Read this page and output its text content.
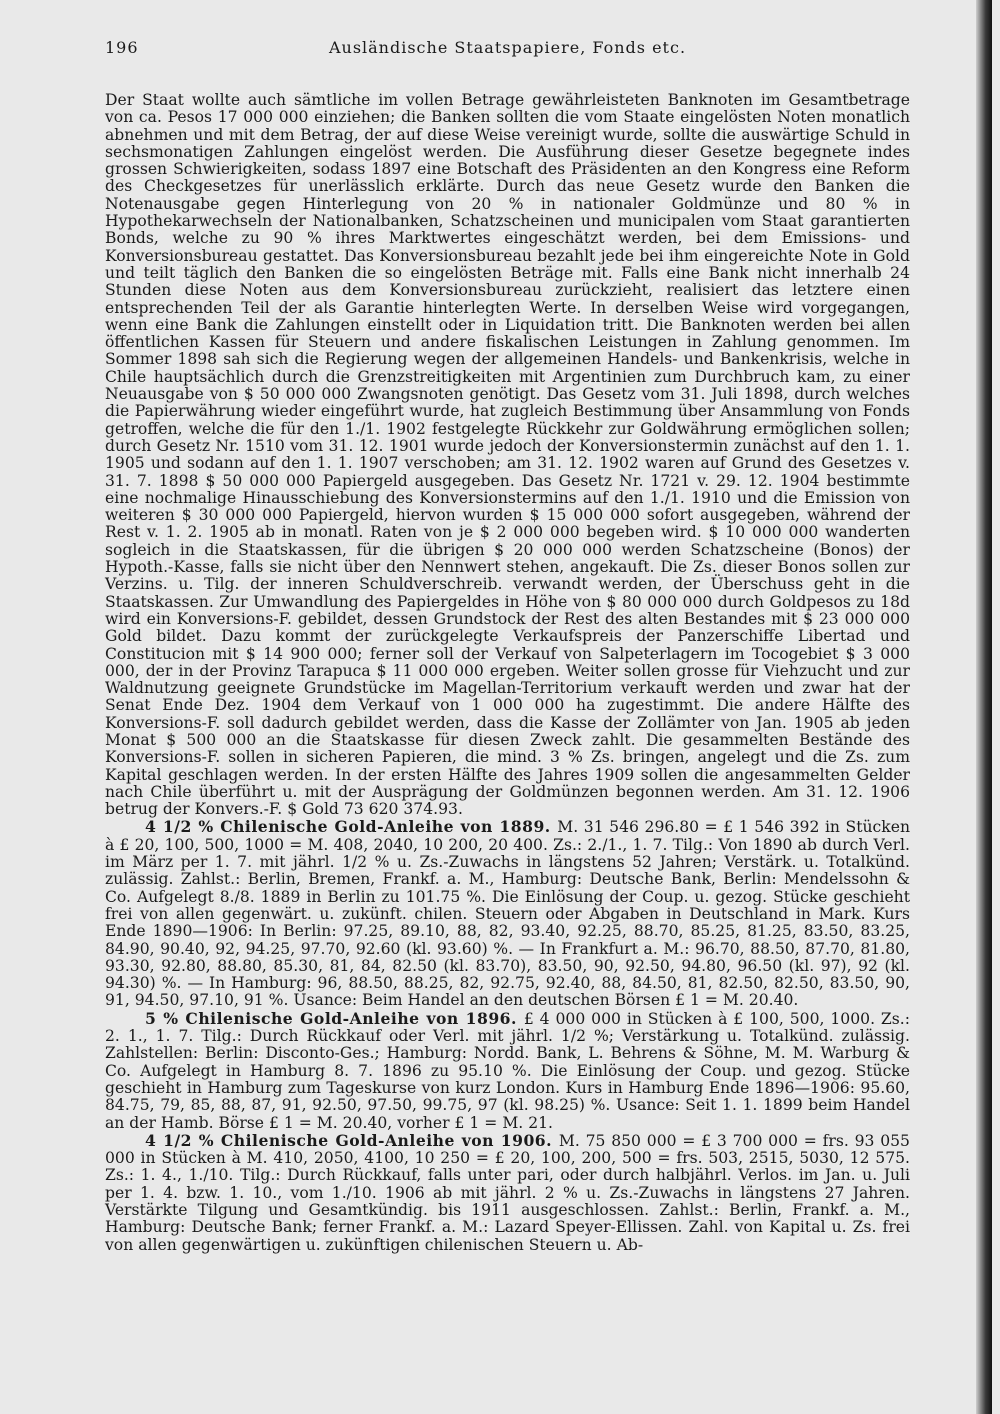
196	Ausländische Staatspapiere, Fonds etc.

Der Staat wollte auch sämtliche im vollen Betrage gewährleisteten Banknoten im Gesamtbetrage von ca. Pesos 17 000 000 einziehen; die Banken sollten die vom Staate eingelösten Noten monatlich abnehmen und mit dem Betrag, der auf diese Weise vereinigt wurde, sollte die auswärtige Schuld in sechsmonatigen Zahlungen eingelöst werden. Die Ausführung dieser Gesetze begegnete indes grossen Schwierigkeiten, sodass 1897 eine Botschaft des Präsidenten an den Kongress eine Reform des Checkgesetzes für unerlässlich erklärte. Durch das neue Gesetz wurde den Banken die Notenausgabe gegen Hinterlegung von 20 % in nationaler Goldmünze und 80 % in Hypothekarwechseln der Nationalbanken, Schatzscheinen und municipalen vom Staat garantierten Bonds, welche zu 90 % ihres Marktwertes eingeschätzt werden, bei dem Emissions- und Konversionsbureau gestattet. Das Konversionsbureau bezahlt jede bei ihm eingereichte Note in Gold und teilt täglich den Banken die so eingelösten Beträge mit. Falls eine Bank nicht innerhalb 24 Stunden diese Noten aus dem Konversionsbureau zurückzieht, realisiert das letztere einen entsprechenden Teil der als Garantie hinterlegten Werte. In derselben Weise wird vorgegangen, wenn eine Bank die Zahlungen einstellt oder in Liquidation tritt. Die Banknoten werden bei allen öffentlichen Kassen für Steuern und andere fiskalischen Leistungen in Zahlung genommen. Im Sommer 1898 sah sich die Regierung wegen der allgemeinen Handels- und Bankenkrisis, welche in Chile hauptsächlich durch die Grenzstreitigkeiten mit Argentinien zum Durchbruch kam, zu einer Neuausgabe von $ 50 000 000 Zwangsnoten genötigt. Das Gesetz vom 31. Juli 1898, durch welches die Papierwährung wieder eingeführt wurde, hat zugleich Bestimmung über Ansammlung von Fonds getroffen, welche die für den 1./1. 1902 festgelegte Rückkehr zur Goldwährung ermöglichen sollen; durch Gesetz Nr. 1510 vom 31. 12. 1901 wurde jedoch der Konversionstermin zunächst auf den 1. 1. 1905 und sodann auf den 1. 1. 1907 verschoben; am 31. 12. 1902 waren auf Grund des Gesetzes v. 31. 7. 1898 $ 50 000 000 Papiergeld ausgegeben. Das Gesetz Nr. 1721 v. 29. 12. 1904 bestimmte eine nochmalige Hinausschiebung des Konversionstermins auf den 1./1. 1910 und die Emission von weiteren $ 30 000 000 Papiergeld, hiervon wurden $ 15 000 000 sofort ausgegeben, während der Rest v. 1. 2. 1905 ab in monatl. Raten von je $ 2 000 000 begeben wird. $ 10 000 000 wanderten sogleich in die Staatskassen, für die übrigen $ 20 000 000 werden Schatzscheine (Bonos) der Hypoth.-Kasse, falls sie nicht über den Nennwert stehen, angekauft. Die Zs. dieser Bonos sollen zur Verzins. u. Tilg. der inneren Schuldverschreib. verwandt werden, der Überschuss geht in die Staatskassen. Zur Umwandlung des Papiergeldes in Höhe von $ 80 000 000 durch Goldpesos zu 18d wird ein Konversions-F. gebildet, dessen Grundstock der Rest des alten Bestandes mit $ 23 000 000 Gold bildet. Dazu kommt der zurückgelegte Verkaufspreis der Panzerschiffe Libertad und Constitucion mit $ 14 900 000; ferner soll der Verkauf von Salpeterlagern im Tocogebiet $ 3 000 000, der in der Provinz Tarapuca $ 11 000 000 ergeben. Weiter sollen grosse für Viehzucht und zur Waldnutzung geeignete Grundstücke im Magellan-Territorium verkauft werden und zwar hat der Senat Ende Dez. 1904 dem Verkauf von 1 000 000 ha zugestimmt. Die andere Hälfte des Konversions-F. soll dadurch gebildet werden, dass die Kasse der Zollämter von Jan. 1905 ab jeden Monat $ 500 000 an die Staatskasse für diesen Zweck zahlt. Die gesammelten Bestände des Konversions-F. sollen in sicheren Papieren, die mind. 3 % Zs. bringen, angelegt und die Zs. zum Kapital geschlagen werden. In der ersten Hälfte des Jahres 1909 sollen die angesammelten Gelder nach Chile überführt u. mit der Ausprägung der Goldmünzen begonnen werden. Am 31. 12. 1906 betrug der Konvers.-F. $ Gold 73 620 374.93.

4 1/2 % Chilenische Gold-Anleihe von 1889. M. 31 546 296.80 = £ 1 546 392 in Stücken à £ 20, 100, 500, 1000 = M. 408, 2040, 10 200, 20 400. Zs.: 2./1., 1. 7. Tilg.: Von 1890 ab durch Verl. im März per 1. 7. mit jährl. 1/2 % u. Zs.-Zuwachs in längstens 52 Jahren; Verstärk. u. Totalkünd. zulässig. Zahlst.: Berlin, Bremen, Frankf. a. M., Hamburg: Deutsche Bank, Berlin: Mendelssohn & Co. Aufgelegt 8./8. 1889 in Berlin zu 101.75 %. Die Einlösung der Coup. u. gezog. Stücke geschieht frei von allen gegenwärt. u. zukünft. chilen. Steuern oder Abgaben in Deutschland in Mark. Kurs Ende 1890—1906: In Berlin: 97.25, 89.10, 88, 82, 93.40, 92.25, 88.70, 85.25, 81.25, 83.50, 83.25, 84.90, 90.40, 92, 94.25, 97.70, 92.60 (kl. 93.60) %. — In Frankfurt a. M.: 96.70, 88.50, 87.70, 81.80, 93.30, 92.80, 88.80, 85.30, 81, 84, 82.50 (kl. 83.70), 83.50, 90, 92.50, 94.80, 96.50 (kl. 97), 92 (kl. 94.30) %. — In Hamburg: 96, 88.50, 88.25, 82, 92.75, 92.40, 88, 84.50, 81, 82.50, 82.50, 83.50, 90, 91, 94.50, 97.10, 91 %. Usance: Beim Handel an den deutschen Börsen £ 1 = M. 20.40.

5 % Chilenische Gold-Anleihe von 1896. £ 4 000 000 in Stücken à £ 100, 500, 1000. Zs.: 2. 1., 1. 7. Tilg.: Durch Rückkauf oder Verl. mit jährl. 1/2 %; Verstärkung u. Totalkünd. zulässig. Zahlstellen: Berlin: Disconto-Ges.; Hamburg: Nordd. Bank, L. Behrens & Söhne, M. M. Warburg & Co. Aufgelegt in Hamburg 8. 7. 1896 zu 95.10 %. Die Einlösung der Coup. und gezog. Stücke geschieht in Hamburg zum Tageskurse von kurz London. Kurs in Hamburg Ende 1896—1906: 95.60, 84.75, 79, 85, 88, 87, 91, 92.50, 97.50, 99.75, 97 (kl. 98.25) %. Usance: Seit 1. 1. 1899 beim Handel an der Hamb. Börse £ 1 = M. 20.40, vorher £ 1 = M. 21.

4 1/2 % Chilenische Gold-Anleihe von 1906. M. 75 850 000 = £ 3 700 000 = frs. 93 055 000 in Stücken à M. 410, 2050, 4100, 10 250 = £ 20, 100, 200, 500 = frs. 503, 2515, 5030, 12 575. Zs.: 1. 4., 1./10. Tilg.: Durch Rückkauf, falls unter pari, oder durch halbjährl. Verlos. im Jan. u. Juli per 1. 4. bzw. 1. 10., vom 1./10. 1906 ab mit jährl. 2 % u. Zs.-Zuwachs in längstens 27 Jahren. Verstärkte Tilgung und Gesamtkündig. bis 1911 ausgeschlossen. Zahlst.: Berlin, Frankf. a. M., Hamburg: Deutsche Bank; ferner Frankf. a. M.: Lazard Speyer-Ellissen. Zahl. von Kapital u. Zs. frei von allen gegenwärtigen u. zukünftigen chilenischen Steuern u. Ab-
